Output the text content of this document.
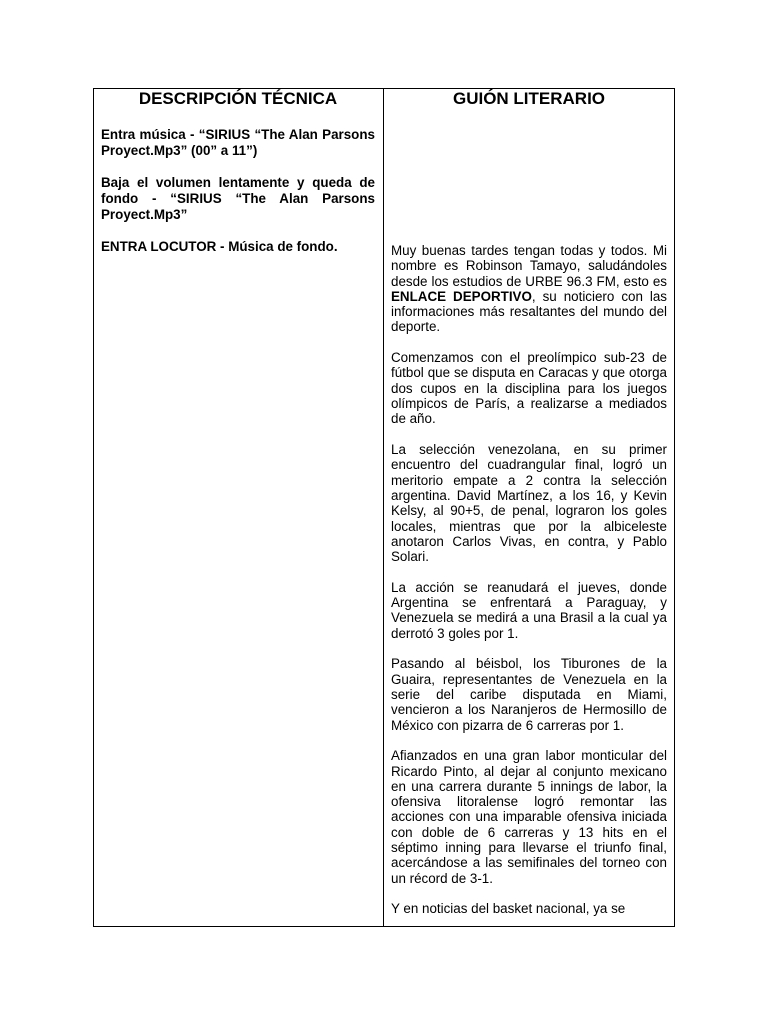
DESCRIPCIÓN TÉCNICA

Entra música - “SIRIUS “The Alan Parsons Proyect.Mp3” (00” a 11”)

Baja el volumen lentamente y queda de fondo - “SIRIUS “The Alan Parsons Proyect.Mp3”

ENTRA LOCUTOR - Música de fondo.

GUIÓN LITERARIO

Muy buenas tardes tengan todas y todos. Mi nombre es Robinson Tamayo, saludándoles desde los estudios de URBE 96.3 FM, esto es ENLACE DEPORTIVO, su noticiero con las informaciones más resaltantes del mundo del deporte.

Comenzamos con el preolímpico sub-23 de fútbol que se disputa en Caracas y que otorga dos cupos en la disciplina para los juegos olímpicos de París, a realizarse a mediados de año.

La selección venezolana, en su primer encuentro del cuadrangular final, logró un meritorio empate a 2 contra la selección argentina. David Martínez, a los 16, y Kevin Kelsy, al 90+5, de penal, lograron los goles locales, mientras que por la albiceleste anotaron Carlos Vivas, en contra, y Pablo Solari.

La acción se reanudará el jueves, donde Argentina se enfrentará a Paraguay, y Venezuela se medirá a una Brasil a la cual ya derrotó 3 goles por 1.

Pasando al béisbol, los Tiburones de la Guaira, representantes de Venezuela en la serie del caribe disputada en Miami, vencieron a los Naranjeros de Hermosillo de México con pizarra de 6 carreras por 1.

Afianzados en una gran labor monticular del Ricardo Pinto, al dejar al conjunto mexicano en una carrera durante 5 innings de labor, la ofensiva litoralense logró remontar las acciones con una imparable ofensiva iniciada con doble de 6 carreras y 13 hits en el séptimo inning para llevarse el triunfo final, acercándose a las semifinales del torneo con un récord de 3-1.

Y en noticias del basket nacional, ya se
